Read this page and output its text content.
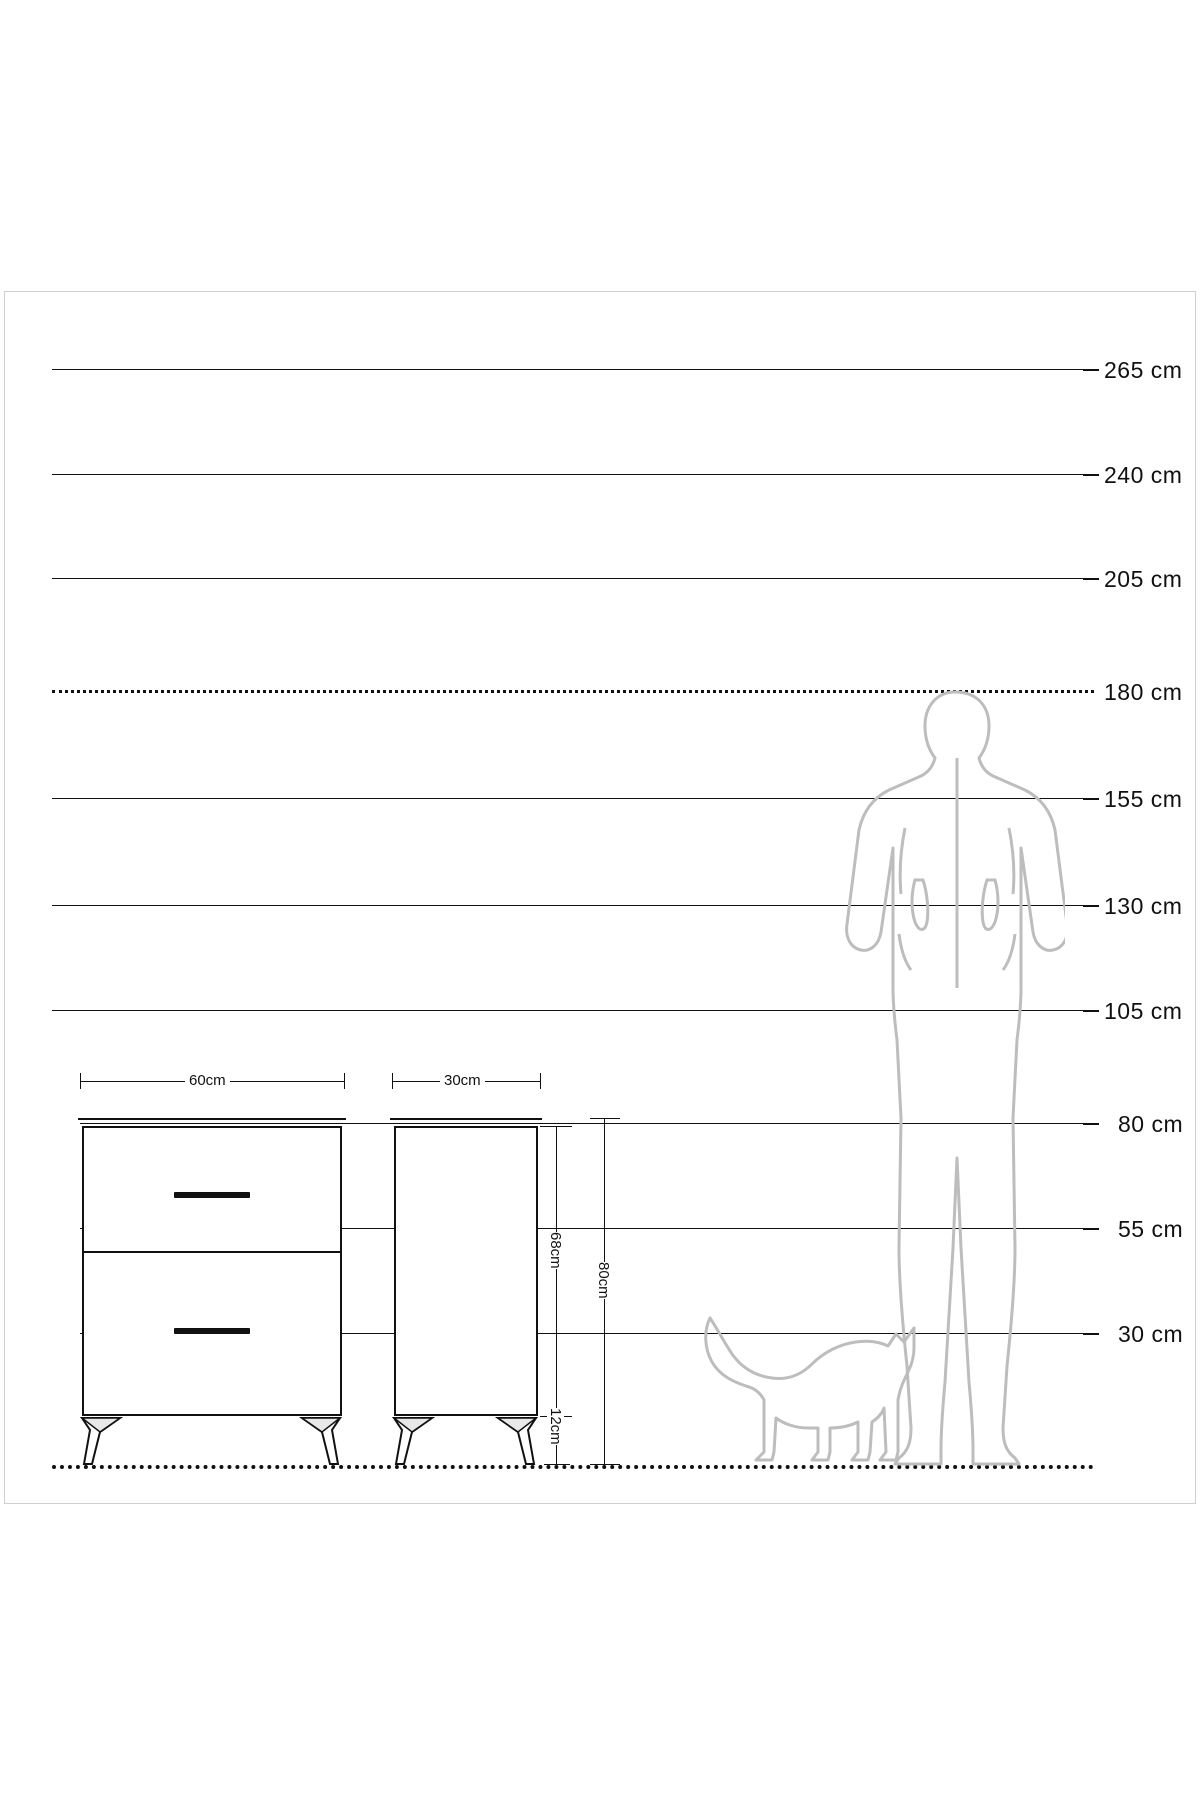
265 cm
240 cm
205 cm
180 cm
155 cm
130 cm
105 cm
80 cm
55 cm
30 cm
60cm	30cm
68cm
80cm
12cm
